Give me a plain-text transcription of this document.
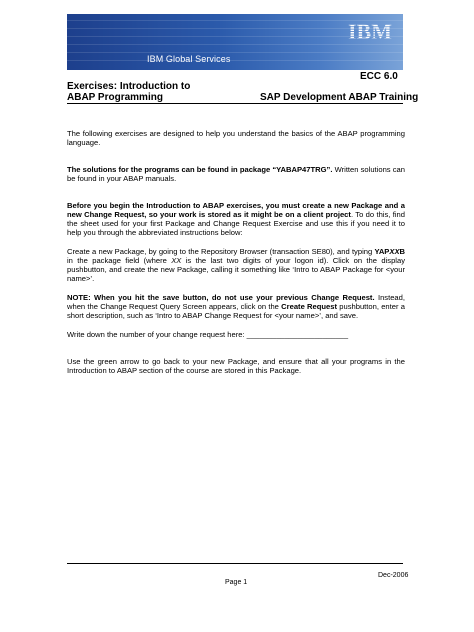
IBM Global Services
IBM
ECC 6.0
Exercises: Introduction to
ABAP Programming	SAP Development ABAP Training

The following exercises are designed to help you understand the basics of the ABAP programming language.

The solutions for the programs can be found in package “YABAP47TRG”. Written solutions can be found in your ABAP manuals.

Before you begin the Introduction to ABAP exercises, you must create a new Package and a new Change Request, so your work is stored as it might be on a client project. To do this, find the sheet used for your first Package and Change Request Exercise and use this if you need it to help you through the abbreviated instructions below:

Create a new Package, by going to the Repository Browser (transaction SE80), and typing YAPXXB in the package field (where XX is the last two digits of your logon id). Click on the display pushbutton, and create the new Package, calling it something like ‘Intro to ABAP Package for <your name>’.

NOTE: When you hit the save button, do not use your previous Change Request. Instead, when the Change Request Query Screen appears, click on the Create Request pushbutton, enter a short description, such as ‘Intro to ABAP Change Request for <your name>’, and save.

Write down the number of your change request here: ________________________

Use the green arrow to go back to your new Package, and ensure that all your programs in the Introduction to ABAP section of the course are stored in this Package.

Dec-2006
Page 1
